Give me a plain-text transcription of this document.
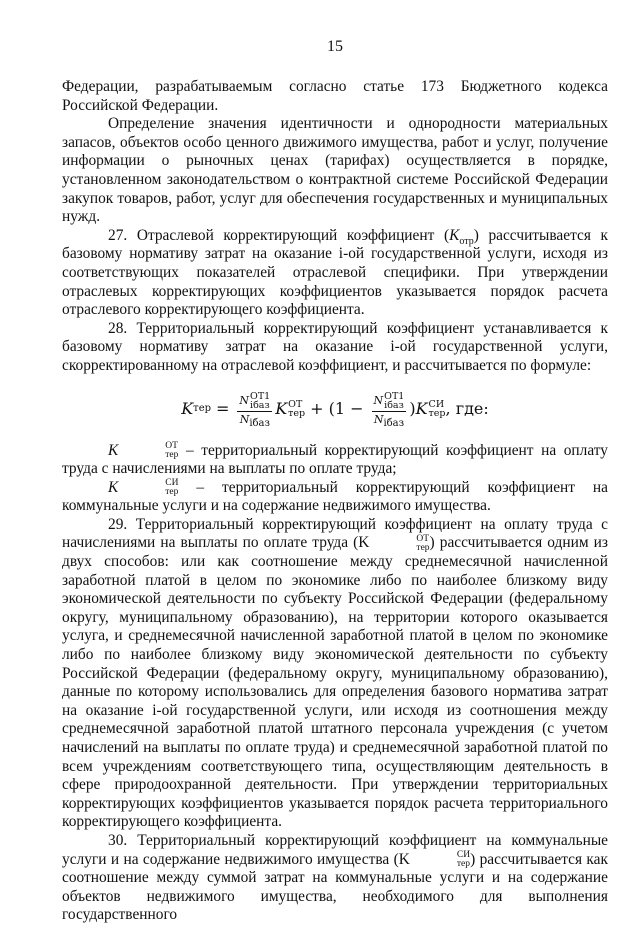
15

Федерации, разрабатываемым согласно статье 173 Бюджетного кодекса Российской Федерации.

Определение значения идентичности и однородности материальных запасов, объектов особо ценного движимого имущества, работ и услуг, получение информации о рыночных ценах (тарифах) осуществляется в порядке, установленном законодательством о контрактной системе Российской Федерации закупок товаров, работ, услуг для обеспечения государственных и муниципальных нужд.

27. Отраслевой корректирующий коэффициент $(K_{отр})$ рассчитывается к базовому нормативу затрат на оказание i-ой государственной услуги, исходя из соответствующих показателей отраслевой специфики. При утверждении отраслевых корректирующих коэффициентов указывается порядок расчета отраслевого корректирующего коэффициента.

28. Территориальный корректирующий коэффициент устанавливается к базовому нормативу затрат на оказание i-ой государственной услуги, скорректированному на отраслевой коэффициент, и рассчитывается по формуле:

K тер = N ОТ1
iбаз
$N_{iбаз}$ K ОТ
тер + (1 − N ОТ1
iбаз
$N_{iбаз}$ ) K СИ
тер , где:

K	ОТ
тер – территориальный корректирующий коэффициент на оплату труда с начислениями на выплаты по оплате труда;

K	СИ
тер – территориальный корректирующий коэффициент на коммунальные услуги и на содержание недвижимого имущества.

29. Территориальный корректирующий коэффициент на оплату труда с начислениями на выплаты по оплате труда (K	ОТ
тер ) рассчитывается одним из двух способов: или как соотношение между среднемесячной начисленной заработной платой в целом по экономике либо по наиболее близкому виду экономической деятельности по субъекту Российской Федерации (федеральному округу, муниципальному образованию), на территории которого оказывается услуга, и среднемесячной начисленной заработной платой в целом по экономике либо по наиболее близкому виду экономической деятельности по субъекту Российской Федерации (федеральному округу, муниципальному образованию), данные по которому использовались для определения базового норматива затрат на оказание i-ой государственной услуги, или исходя из соотношения между среднемесячной заработной платой штатного персонала учреждения (с учетом начислений на выплаты по оплате труда) и среднемесячной заработной платой по всем учреждениям соответствующего типа, осуществляющим деятельность в сфере природоохранной деятельности. При утверждении территориальных корректирующих коэффициентов указывается порядок расчета территориального корректирующего коэффициента.

30. Территориальный корректирующий коэффициент на коммунальные услуги и на содержание недвижимого имущества (K	СИ
тер ) рассчитывается как соотношение между суммой затрат на коммунальные услуги и на содержание объектов недвижимого имущества, необходимого для выполнения государственного
